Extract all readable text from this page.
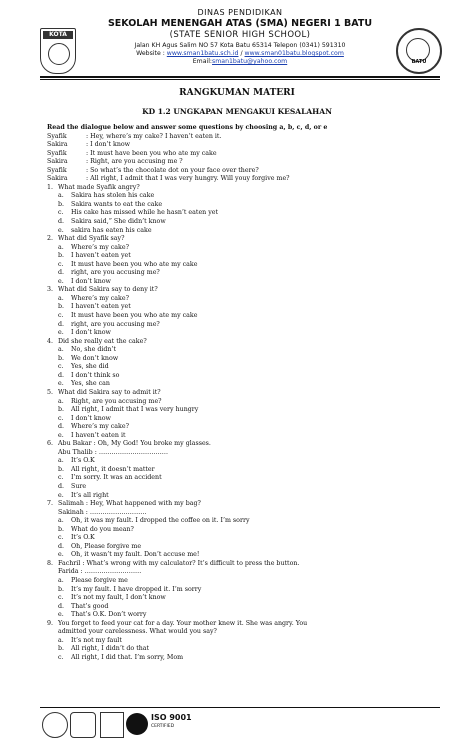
KOTA BATU
DINAS PENDIDIKAN
SEKOLAH MENENGAH ATAS (SMA) NEGERI 1 BATU
(STATE SENIOR HIGH SCHOOL)
Jalan KH Agus Salim NO 57 Kota Batu 65314 Telepon (0341) 591310
Website : www.sman1batu.sch.id / www.sman01batu.blogspot.com
Email:sman1batu@yahoo.com	BATU
RANGKUMAN MATERI
KD 1.2 UNGKAPAN MENGAKUI KESALAHAN
Read the dialogue below and answer some questions by choosing a, b, c, d, or e
Syafik	: Hey, where’s my cake? I haven’t eaten it.
Sakira	: I don’t know
Syafik	: It must have been you who ate my cake
Sakira	: Right, are you accusing me ?
Syafik	: So what’s the chocolate dot on your face over there?
Sakira	: All right, I admit that I was very hungry. Will youy forgive me?
1. What made Syafik angry?
a. Sakira has stolen his cake
b. Sakira wants to eat the cake
c. His cake has missed while he hasn’t eaten yet
d. Sakira said,” She didn’t know
e. sakira has eaten his cake
2. What did Syafik say?
a. Where’s my cake?
b. I haven’t eaten yet
c. It must have been you who ate my cake
d. right, are you accusing me?
e. I don’t know
3. What did Sakira say to deny it?
a. Where’s my cake?
b. I haven’t eaten yet
c. It must have been you who ate my cake
d. right, are you accusing me?
e. I don’t know
4. Did she really eat the cake?
a. No, she didn’t
b. We don’t know
c. Yes, she did
d. I don’t think so
e. Yes, she can
5. What did Sakira say to admit it?
a. Right, are you accusing me?
b. All right, I admit that I was very hungry
c. I don’t know
d. Where’s my cake?
e. I haven’t eaten it
6. Abu Bakar : Oh, My God! You broke my glasses.
Abu Thalib : ……………………………
a. It’s O.K
b. All right, it doesn’t matter
c. I’m sorry. It was an accident
d. Sure
e. It’s all right
7. Salimah : Hey, What happened with my bag?
Sakinah : ………………………
a. Oh, it was my fault. I dropped the coffee on it. I’m sorry
b. What do you mean?
c. It’s O.K
d. Oh, Please forgive me
e. Oh, it wasn’t my fault. Don’t accuse me!
8. Fachril : What’s wrong with my calculator? It’s difficult to press the button.
Farida : ………………………
a. Please forgive me
b. It’s my fault. I have dropped it. I’m sorry
c. It’s not my fault, I don’t know
d. That’s good
e. That’s O.K. Don’t worry
9. You forget to feed your cat for a day. Your mother knew it. She was angry. You
admitted your carelessness. What would you say?
a. It’s not my fault
b. All right, I didn’t do that
c. All right, I did that. I’m sorry, Mom
ISO 9001
CERTIFIED
